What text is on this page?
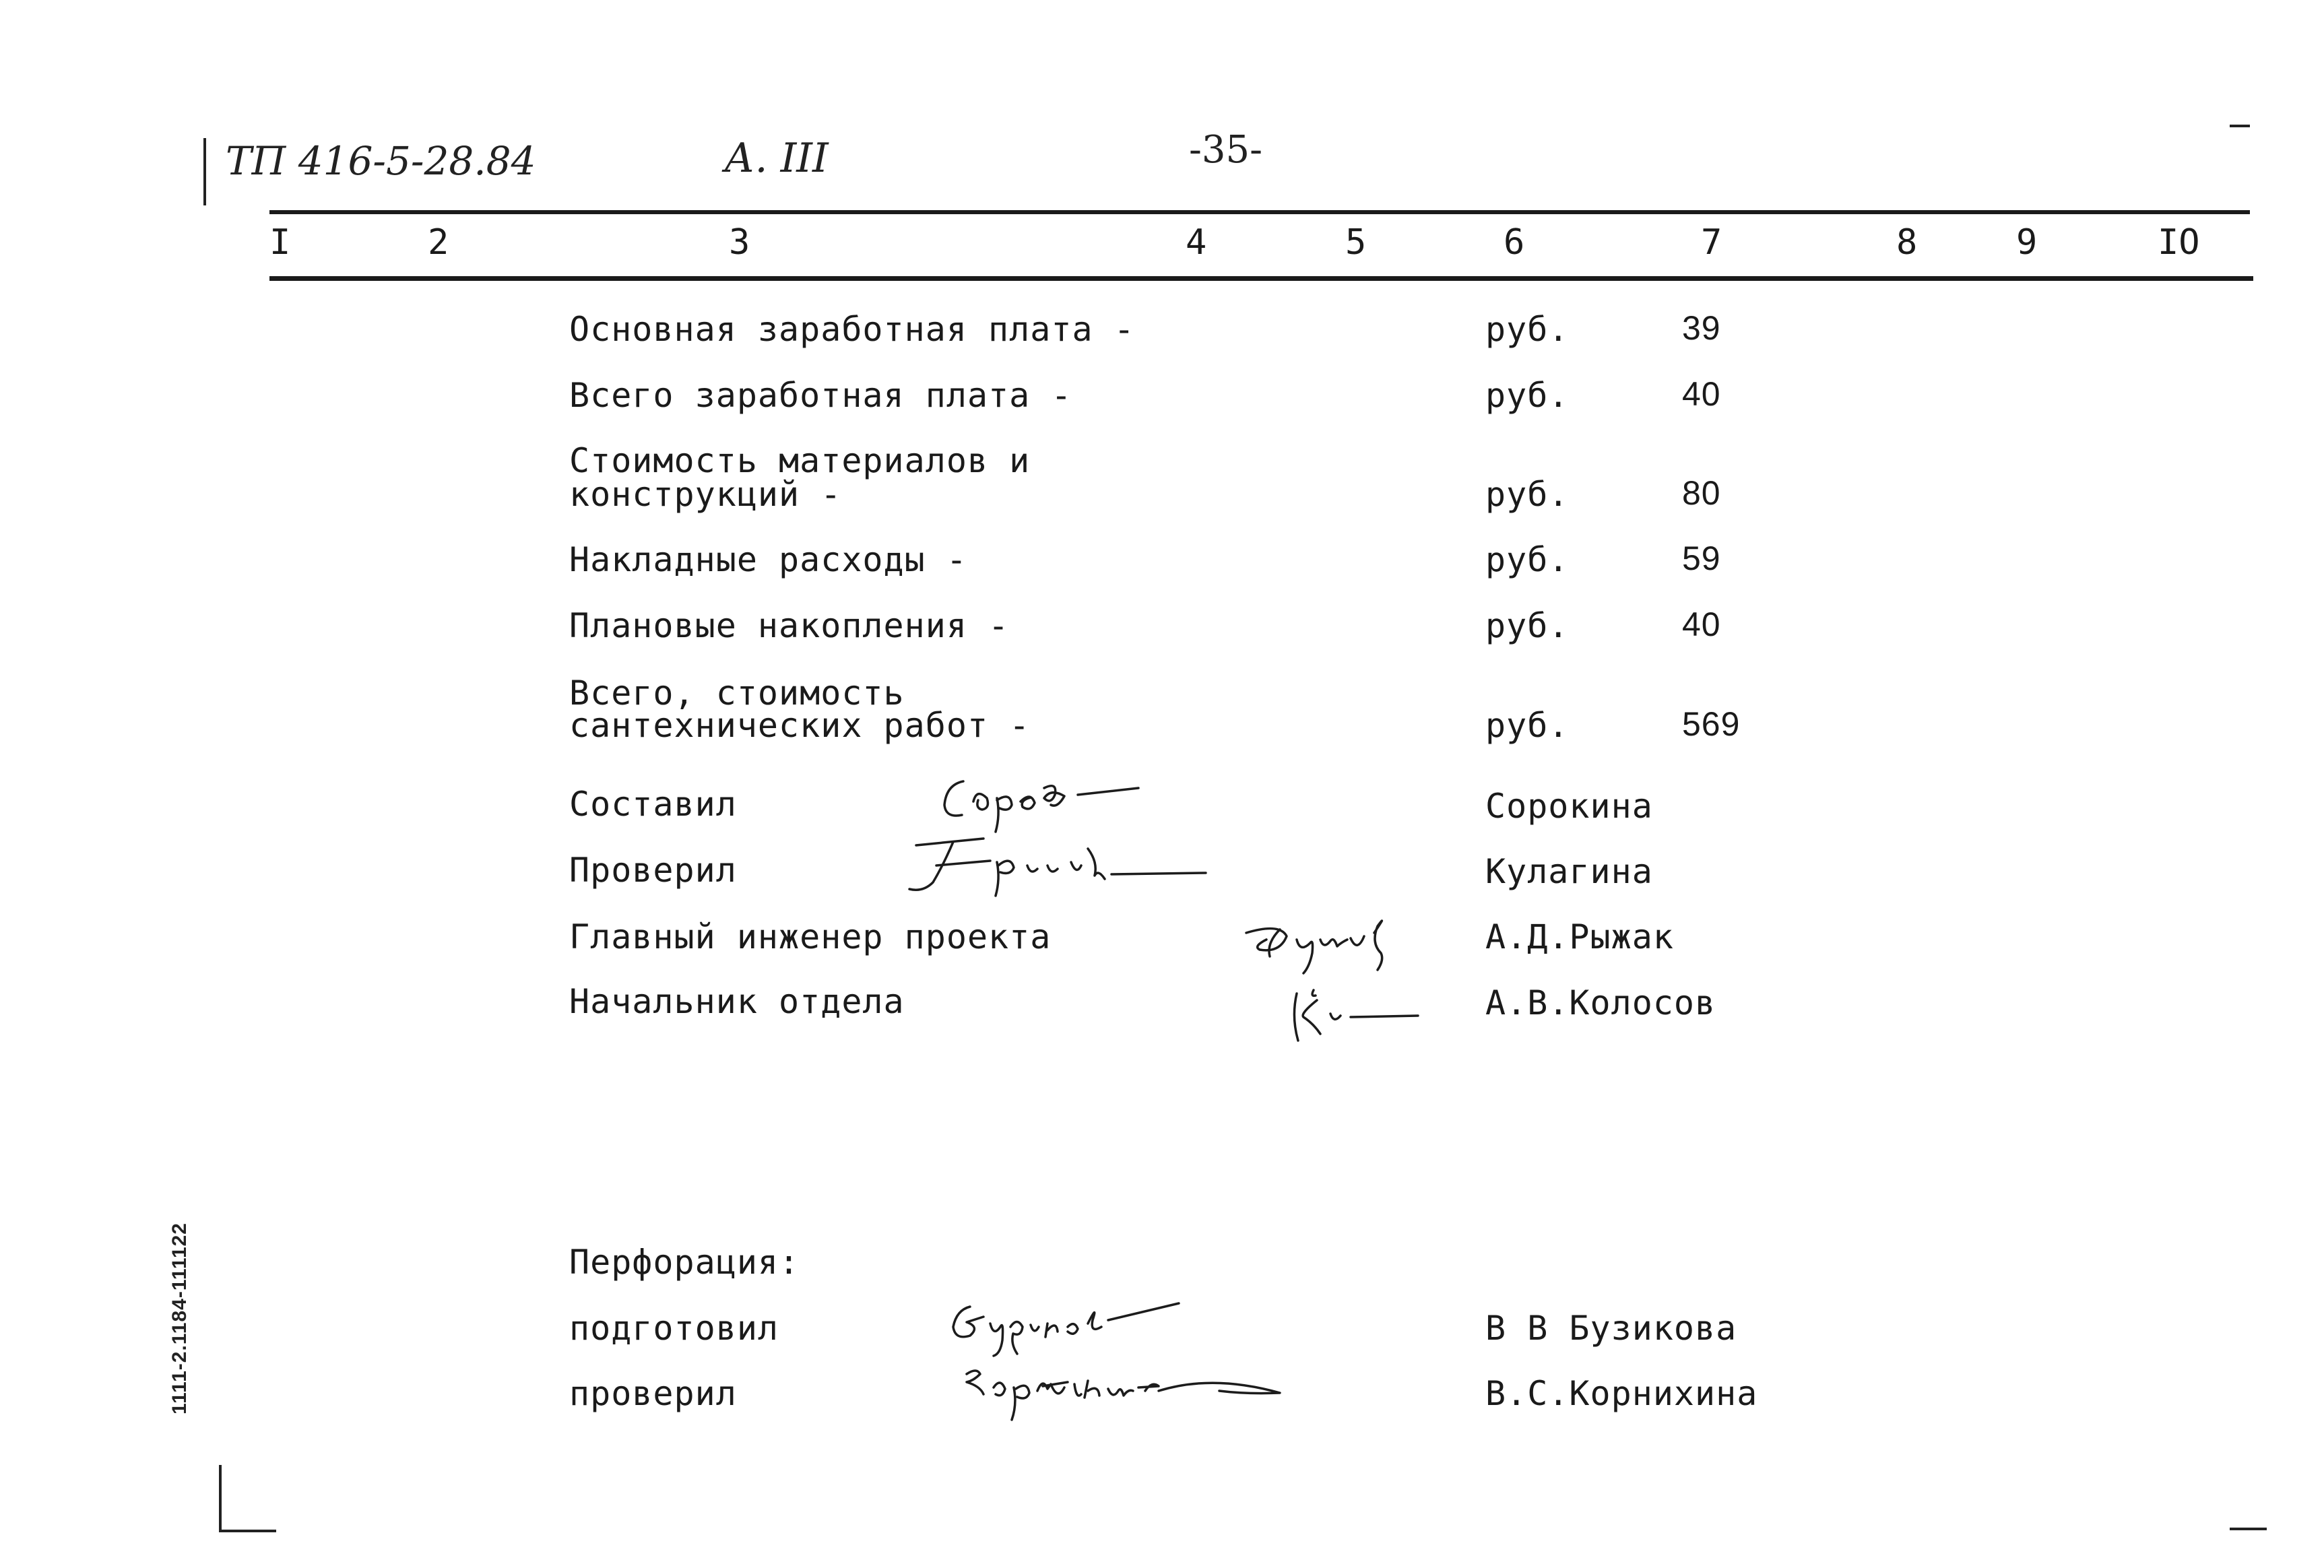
ТП 416-5-28.84	А. III	-35-
I	2	3	4	5	6	7	8	9	IO
Основная заработная плата -	руб.	39
Всего заработная плата -	руб.	40
Стоимость материалов и
конструкций -	руб.	80
Накладные расходы -	руб.	59
Плановые накопления -	руб.	40
Всего, стоимость
сантехнических работ -	руб.	569
Составил	Сорокина
Проверил	Кулагина
Главный инженер проекта	А.Д.Рыжак
Начальник отдела	А.В.Колосов
Перфорация:
подготовил	В В Бузикова
проверил	В.С.Корнихина
1111-2.1184-111122
